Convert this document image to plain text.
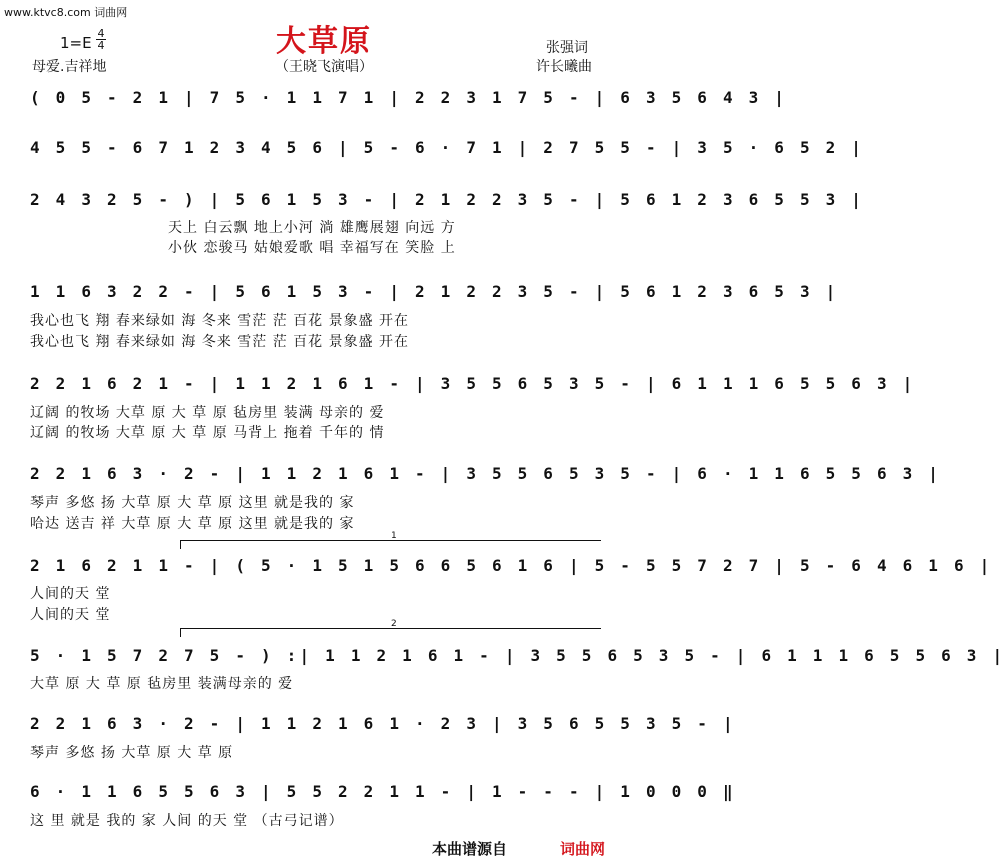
www.ktvc8.com 词曲网
大草原
1=E
4
4
母爱.吉祥地	（王晓飞演唱）
张强词
许长曦曲
( 0 5 - 2 1 | 7 5 · 1 1 7 1 | 2 2 3 1 7 5 - | 6 3 5 6 4 3 |
4 5 5 - 6 7 1 2 3 4 5 6 | 5 - 6 · 7 1 | 2 7 5 5 - | 3 5 · 6 5 2 |
2 4 3 2 5 - ) | 5 6 1 5 3 - | 2 1 2 2 3 5 - | 5 6 1 2 3 6 5 5 3 |
天上 白云飘 地上小河 淌 雄鹰展翅 向远 方
小伙 恋骏马 姑娘爱歌 唱 幸福写在 笑脸 上
1 1 6 3 2 2 - | 5 6 1 5 3 - | 2 1 2 2 3 5 - | 5 6 1 2 3 6 5 3 |
我心也飞 翔 春来绿如 海 冬来 雪茫 茫 百花 景象盛 开在
我心也飞 翔 春来绿如 海 冬来 雪茫 茫 百花 景象盛 开在
2 2 1 6 2 1 - | 1 1 2 1 6 1 - | 3 5 5 6 5 3 5 - | 6 1 1 1 6 5 5 6 3 |
辽阔 的牧场 大草 原 大 草 原 毡房里 装满 母亲的 爱
辽阔 的牧场 大草 原 大 草 原 马背上 拖着 千年的 情
2 2 1 6 3 · 2 - | 1 1 2 1 6 1 - | 3 5 5 6 5 3 5 - | 6 · 1 1 6 5 5 6 3 |
琴声 多悠 扬 大草 原 大 草 原 这里 就是我的 家
哈达 送吉 祥 大草 原 大 草 原 这里 就是我的 家
1
2 1 6 2 1 1 - | ( 5 · 1 5 1 5 6 6 5 6 1 6 | 5 - 5 5 7 2 7 | 5 - 6 4 6 1 6 |
人间的天 堂
人间的天 堂
2
5 · 1 5 7 2 7 5 - ) :| 1 1 2 1 6 1 - | 3 5 5 6 5 3 5 - | 6 1 1 1 6 5 5 6 3 |
大草 原 大 草 原 毡房里 装满母亲的 爱
2 2 1 6 3 · 2 - | 1 1 2 1 6 1 · 2 3 | 3 5 6 5 5 3 5 - |
琴声 多悠 扬 大草 原 大 草 原
6 · 1 1 6 5 5 6 3 | 5 5 2 2 1 1 - | 1 - - - | 1 0 0 0 ‖
这 里 就是 我的 家 人间 的天 堂 （古弓记谱）
本曲谱源自	词曲网
